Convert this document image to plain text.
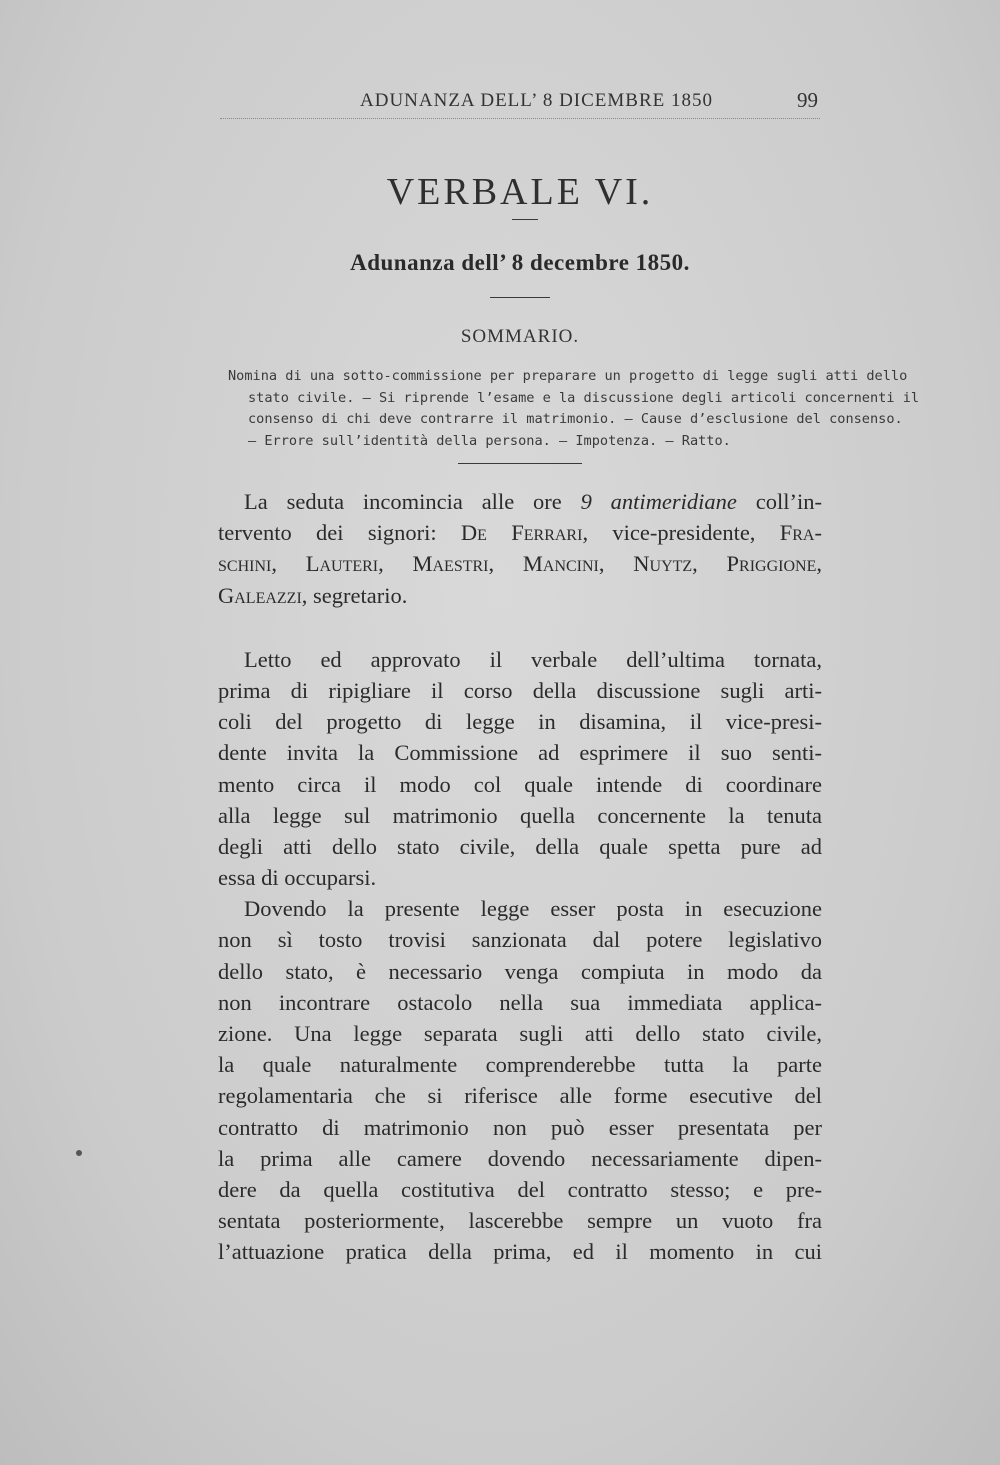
ADUNANZA DELL’ 8 DICEMBRE 1850	99
VERBALE VI.
Adunanza dell’ 8 decembre 1850.
SOMMARIO.
Nomina di una sotto-commissione per preparare un progetto di legge sugli atti dello
stato civile. — Si riprende l’esame e la discussione degli articoli concernenti il
consenso di chi deve contrarre il matrimonio. — Cause d’esclusione del consenso.
— Errore sull’identità della persona. — Impotenza. — Ratto.
La seduta incomincia alle ore 9 antimeridiane coll’in-
tervento dei signori: De Ferrari, vice-presidente, Fra-
schini, Lauteri, Maestri, Mancini, Nuytz, Priggione,
Galeazzi, segretario.
Letto ed approvato il verbale dell’ultima tornata,
prima di ripigliare il corso della discussione sugli arti-
coli del progetto di legge in disamina, il vice-presi-
dente invita la Commissione ad esprimere il suo senti-
mento circa il modo col quale intende di coordinare
alla legge sul matrimonio quella concernente la tenuta
degli atti dello stato civile, della quale spetta pure ad
essa di occuparsi.
Dovendo la presente legge esser posta in esecuzione
non sì tosto trovisi sanzionata dal potere legislativo
dello stato, è necessario venga compiuta in modo da
non incontrare ostacolo nella sua immediata applica-
zione. Una legge separata sugli atti dello stato civile,
la quale naturalmente comprenderebbe tutta la parte
regolamentaria che si riferisce alle forme esecutive del
contratto di matrimonio non può esser presentata per
la prima alle camere dovendo necessariamente dipen-
dere da quella costitutiva del contratto stesso; e pre-
sentata posteriormente, lascerebbe sempre un vuoto fra
l’attuazione pratica della prima, ed il momento in cui
